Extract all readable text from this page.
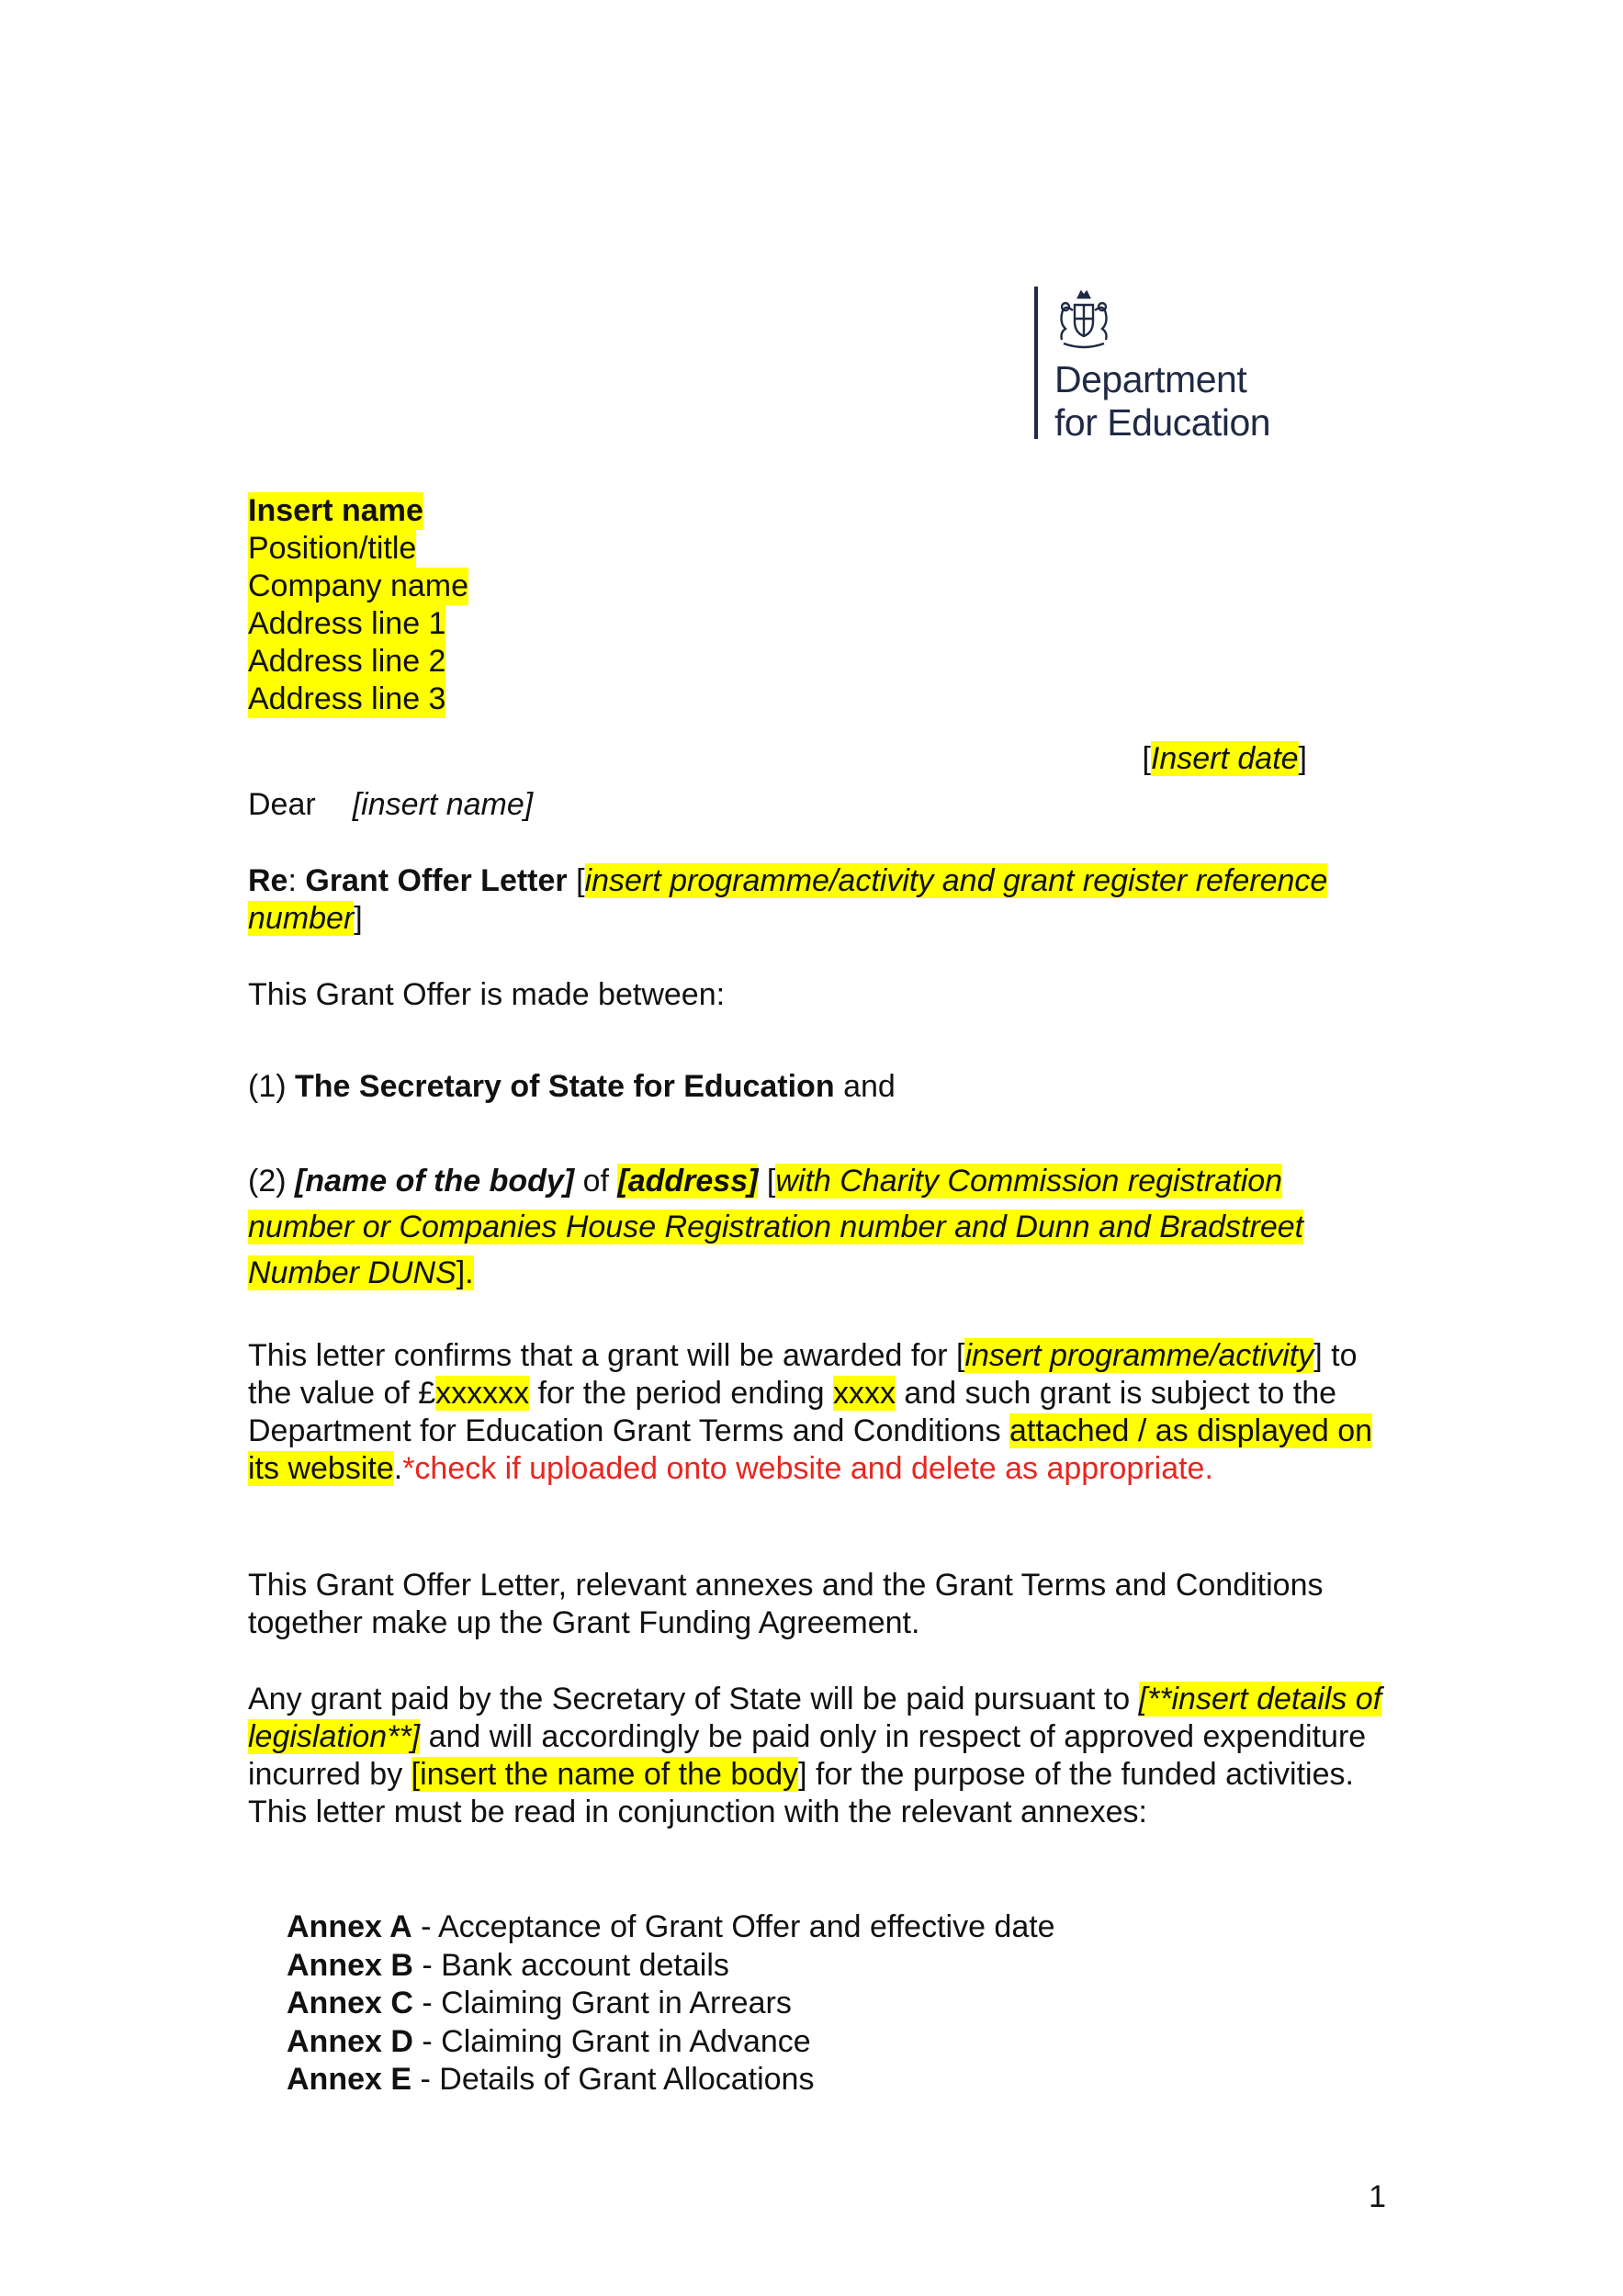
Department
for Education
Insert name
Position/title
Company name
Address line 1
Address line 2
Address line 3
[Insert date]
Dear [insert name]
Re: Grant Offer Letter [insert programme/activity and grant register reference number]
This Grant Offer is made between:
(1) The Secretary of State for Education and
(2) [name of the body] of [address] [with Charity Commission registration number or Companies House Registration number and Dunn and Bradstreet Number DUNS].
This letter confirms that a grant will be awarded for [insert programme/activity] to the value of £xxxxxx for the period ending xxxx and such grant is subject to the Department for Education Grant Terms and Conditions attached / as displayed on its website.*check if uploaded onto website and delete as appropriate.
This Grant Offer Letter, relevant annexes and the Grant Terms and Conditions together make up the Grant Funding Agreement.
Any grant paid by the Secretary of State will be paid pursuant to [**insert details of legislation**] and will accordingly be paid only in respect of approved expenditure incurred by [insert the name of the body] for the purpose of the funded activities. This letter must be read in conjunction with the relevant annexes:
Annex A - Acceptance of Grant Offer and effective date
Annex B - Bank account details
Annex C - Claiming Grant in Arrears
Annex D - Claiming Grant in Advance
Annex E - Details of Grant Allocations
1
